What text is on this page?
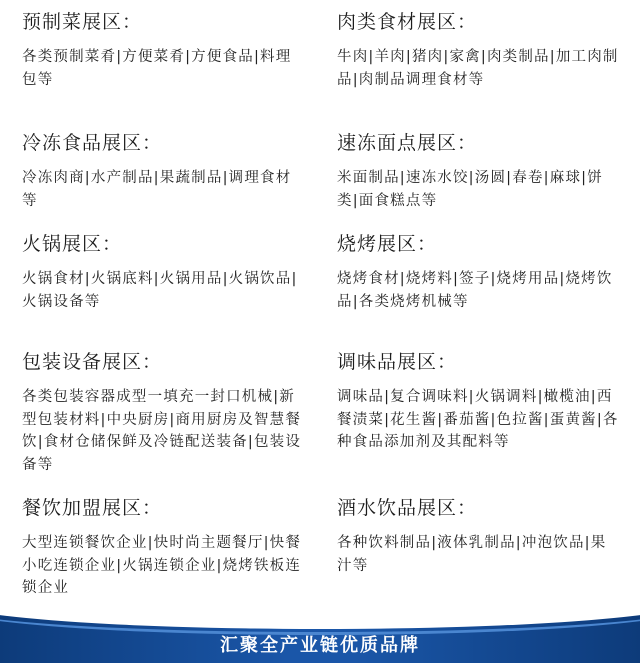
预制菜展区：
各类预制菜肴|方便菜肴|方便食品|料理包等
肉类食材展区：
牛肉|羊肉|猪肉|家禽|肉类制品|加工肉制品|肉制品调理食材等
冷冻食品展区：
冷冻肉商|水产制品|果蔬制品|调理食材等
速冻面点展区：
米面制品|速冻水饺|汤圆|春卷|麻球|饼类|面食糕点等
火锅展区：
火锅食材|火锅底料|火锅用品|火锅饮品|火锅设备等
烧烤展区：
烧烤食材|烧烤料|签子|烧烤用品|烧烤饮品|各类烧烤机械等
包装设备展区：
各类包装容器成型一填充一封口机械|新型包装材料|中央厨房|商用厨房及智慧餐饮|食材仓储保鲜及冷链配送装备|包装设备等
调味品展区：
调味品|复合调味料|火锅调料|橄榄油|西餐渍菜|花生酱|番茄酱|色拉酱|蛋黄酱|各种食品添加剂及其配料等
餐饮加盟展区：
大型连锁餐饮企业|快时尚主题餐厅|快餐小吃连锁企业|火锅连锁企业|烧烤铁板连锁企业
酒水饮品展区：
各种饮料制品|液体乳制品|冲泡饮品|果汁等
汇聚全产业链优质品牌
